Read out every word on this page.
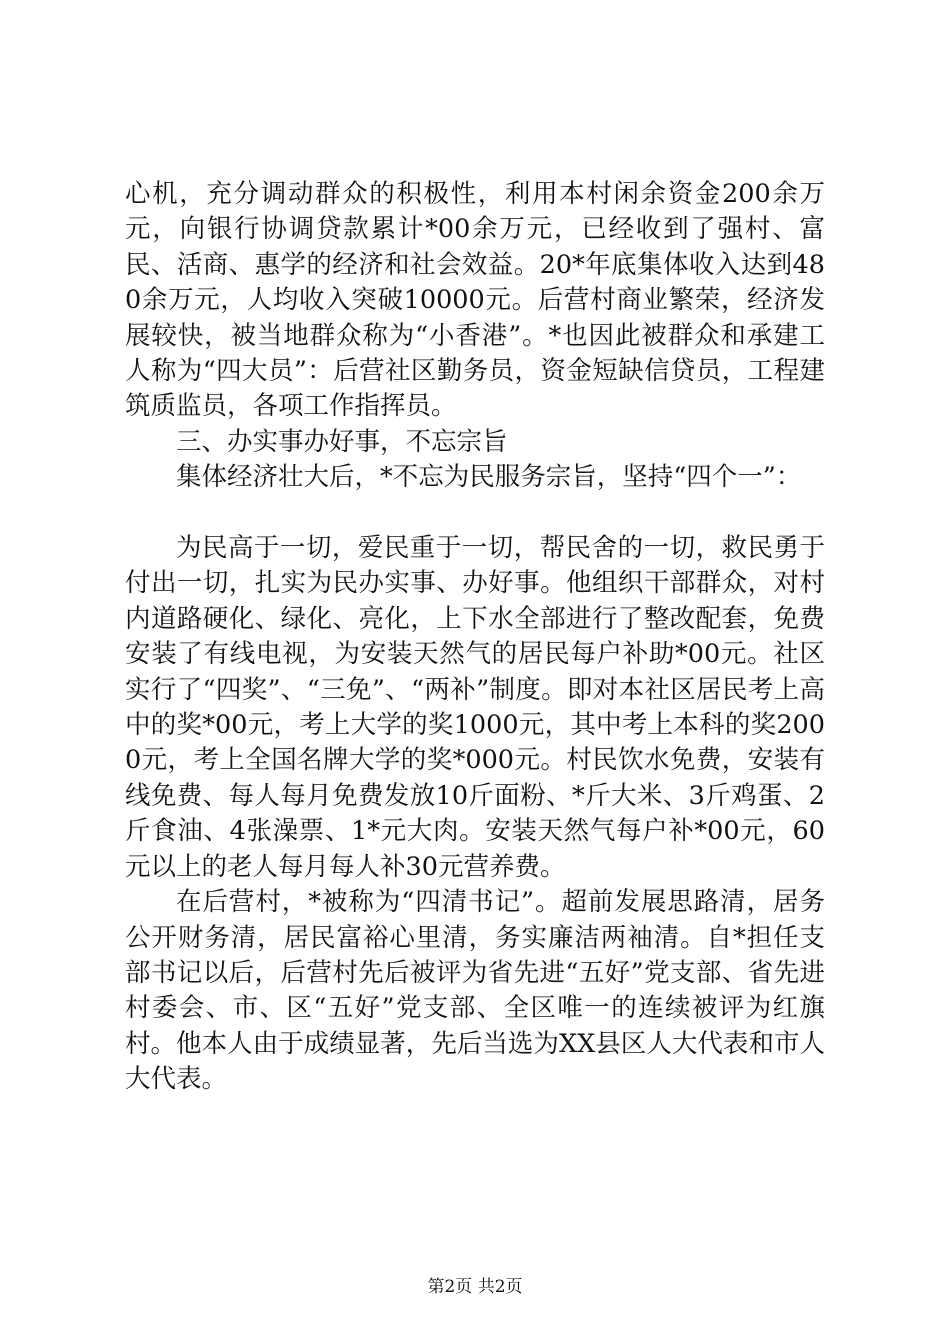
心机，充分调动群众的积极性，利用本村闲余资金200余万元，向银行协调贷款累计*00余万元，已经收到了强村、富民、活商、惠学的经济和社会效益。20*年底集体收入达到480余万元，人均收入突破10000元。后营村商业繁荣，经济发展较快，被当地群众称为“小香港”。*也因此被群众和承建工人称为“四大员”：后营社区勤务员，资金短缺信贷员，工程建筑质监员，各项工作指挥员。

三、办实事办好事，不忘宗旨

集体经济壮大后，*不忘为民服务宗旨，坚持“四个一”：

为民高于一切，爱民重于一切，帮民舍的一切，救民勇于付出一切，扎实为民办实事、办好事。他组织干部群众，对村内道路硬化、绿化、亮化，上下水全部进行了整改配套，免费安装了有线电视，为安装天然气的居民每户补助*00元。社区实行了“四奖”、“三免”、“两补”制度。即对本社区居民考上高中的奖*00元，考上大学的奖1000元，其中考上本科的奖2000元，考上全国名牌大学的奖*000元。村民饮水免费，安装有线免费、每人每月免费发放10斤面粉、*斤大米、3斤鸡蛋、2斤食油、4张澡票、1*元大肉。安装天然气每户补*00元，60元以上的老人每月每人补30元营养费。

在后营村，*被称为“四清书记”。超前发展思路清，居务公开财务清，居民富裕心里清，务实廉洁两袖清。自*担任支部书记以后，后营村先后被评为省先进“五好”党支部、省先进村委会、市、区“五好”党支部、全区唯一的连续被评为红旗村。他本人由于成绩显著，先后当选为XX县区人大代表和市人大代表。

第2页 共2页
